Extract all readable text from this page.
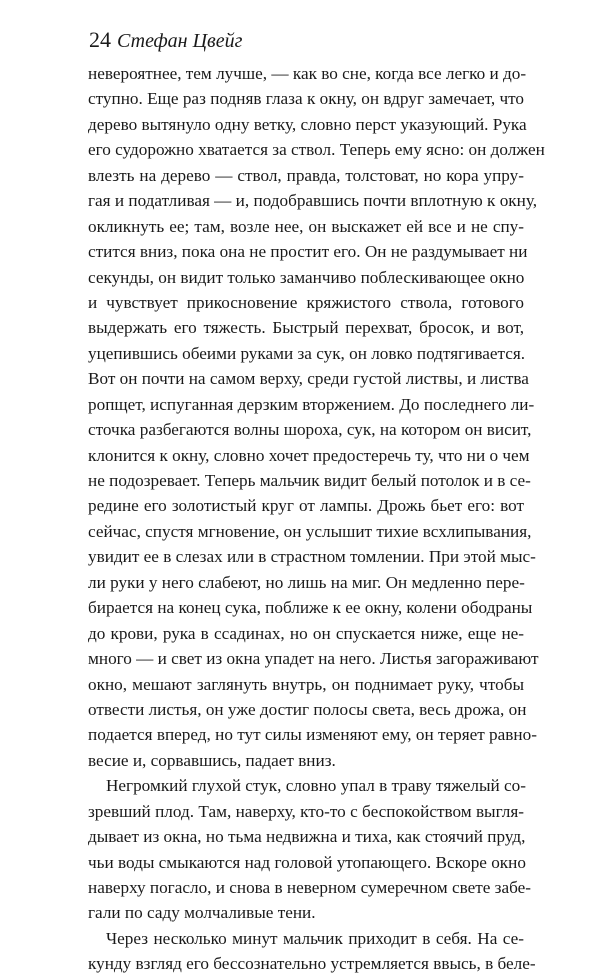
24 Стефан Цвейг
невероятнее, тем лучше, — как во сне, когда все легко и до-
ступно. Еще раз подняв глаза к окну, он вдруг замечает, что
дерево вытянуло одну ветку, словно перст указующий. Рука
его судорожно хватается за ствол. Теперь ему ясно: он должен
влезть на дерево — ствол, правда, толстоват, но кора упру-
гая и податливая — и, подобравшись почти вплотную к окну,
окликнуть ее; там, возле нее, он выскажет ей все и не спу-
стится вниз, пока она не простит его. Он не раздумывает ни
секунды, он видит только заманчиво поблескивающее окно
и чувствует прикосновение кряжистого ствола, готового
выдержать его тяжесть. Быстрый перехват, бросок, и вот,
уцепившись обеими руками за сук, он ловко подтягивается.
Вот он почти на самом верху, среди густой листвы, и листва
ропщет, испуганная дерзким вторжением. До последнего ли-
сточка разбегаются волны шороха, сук, на котором он висит,
клонится к окну, словно хочет предостеречь ту, что ни о чем
не подозревает. Теперь мальчик видит белый потолок и в се-
редине его золотистый круг от лампы. Дрожь бьет его: вот
сейчас, спустя мгновение, он услышит тихие всхлипывания,
увидит ее в слезах или в страстном томлении. При этой мыс-
ли руки у него слабеют, но лишь на миг. Он медленно пере-
бирается на конец сука, поближе к ее окну, колени ободраны
до крови, рука в ссадинах, но он спускается ниже, еще не-
много — и свет из окна упадет на него. Листья загораживают
окно, мешают заглянуть внутрь, он поднимает руку, чтобы
отвести листья, он уже достиг полосы света, весь дрожа, он
подается вперед, но тут силы изменяют ему, он теряет равно-
весие и, сорвавшись, падает вниз.
Негромкий глухой стук, словно упал в траву тяжелый со-
зревший плод. Там, наверху, кто-то с беспокойством выгля-
дывает из окна, но тьма недвижна и тиха, как стоячий пруд,
чьи воды смыкаются над головой утопающего. Вскоре окно
наверху погасло, и снова в неверном сумеречном свете забе-
гали по саду молчаливые тени.
Через несколько минут мальчик приходит в себя. На се-
кунду взгляд его бессознательно устремляется ввысь, в беле-
